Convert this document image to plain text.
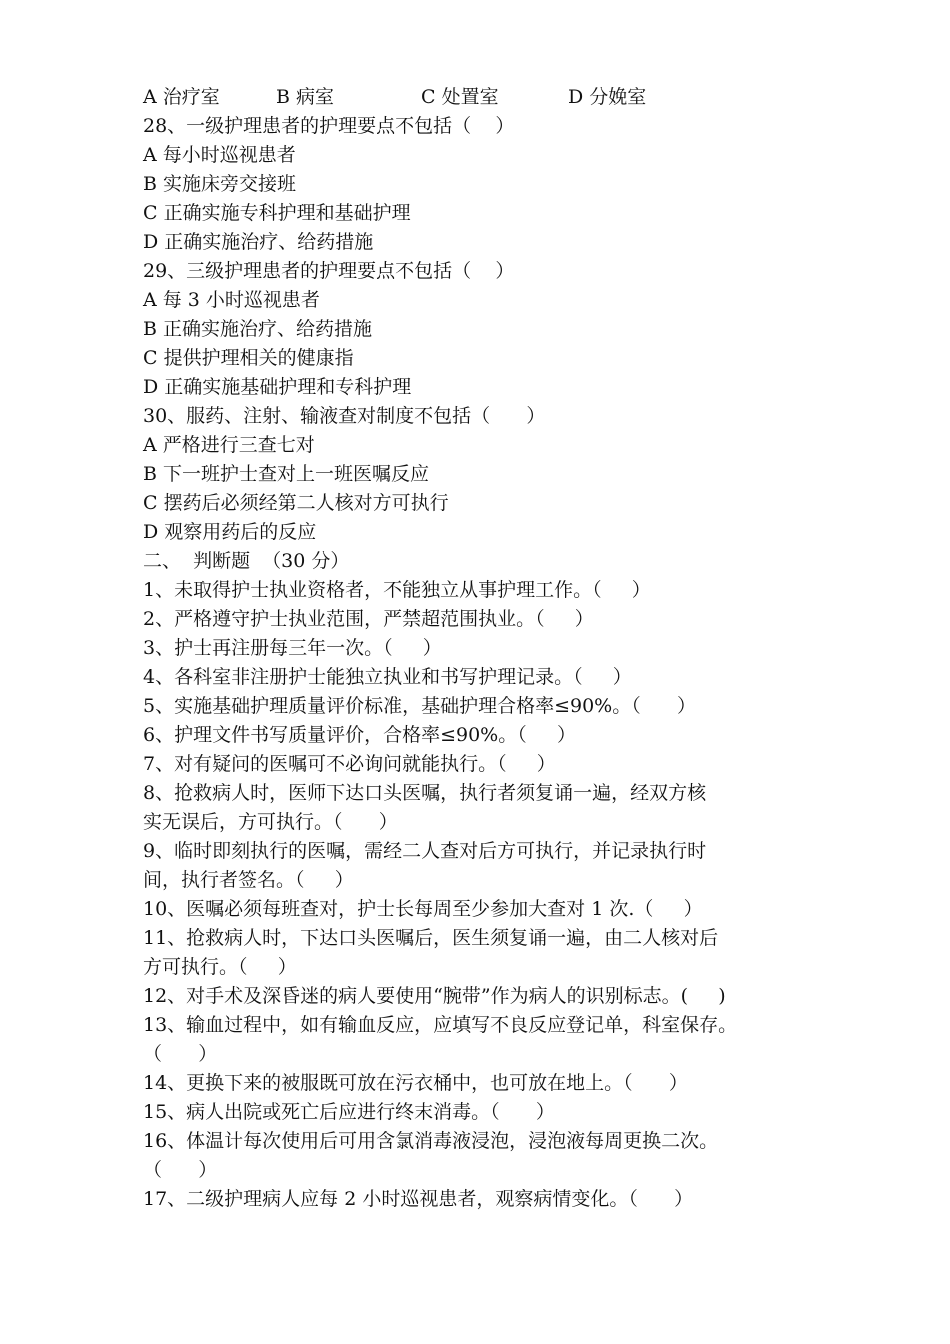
A 治疗室	B 病室	C 处置室	D 分娩室
28、一级护理患者的护理要点不包括（    ）
A 每小时巡视患者
B 实施床旁交接班
C 正确实施专科护理和基础护理
D 正确实施治疗、给药措施
29、三级护理患者的护理要点不包括（    ）
A 每 3 小时巡视患者
B 正确实施治疗、给药措施
C 提供护理相关的健康指
D 正确实施基础护理和专科护理
30、服药、注射、输液查对制度不包括（      ）
A 严格进行三查七对
B 下一班护士查对上一班医嘱反应
C 摆药后必须经第二人核对方可执行
D 观察用药后的反应
二、  判断题  （30 分）
1、未取得护士执业资格者，不能独立从事护理工作。（     ）
2、严格遵守护士执业范围，严禁超范围执业。（     ）
3、护士再注册每三年一次。（     ）
4、各科室非注册护士能独立执业和书写护理记录。（     ）
5、实施基础护理质量评价标准，基础护理合格率≤90%。（      ）
6、护理文件书写质量评价，合格率≤90%。（     ）
7、对有疑问的医嘱可不必询问就能执行。（     ）
8、抢救病人时，医师下达口头医嘱，执行者须复诵一遍，经双方核
实无误后，方可执行。（      ）
9、临时即刻执行的医嘱，需经二人查对后方可执行，并记录执行时
间，执行者签名。（     ）
10、医嘱必须每班查对，护士长每周至少参加大查对 1 次.（     ）
11、抢救病人时，下达口头医嘱后，医生须复诵一遍，由二人核对后
方可执行。（     ）
12、对手术及深昏迷的病人要使用“腕带”作为病人的识别标志。(     )
13、输血过程中，如有输血反应，应填写不良反应登记单，科室保存。
（      ）
14、更换下来的被服既可放在污衣桶中，也可放在地上。（      ）
15、病人出院或死亡后应进行终末消毒。（      ）
16、体温计每次使用后可用含氯消毒液浸泡，浸泡液每周更换二次。
（      ）
17、二级护理病人应每 2 小时巡视患者，观察病情变化。（      ）
